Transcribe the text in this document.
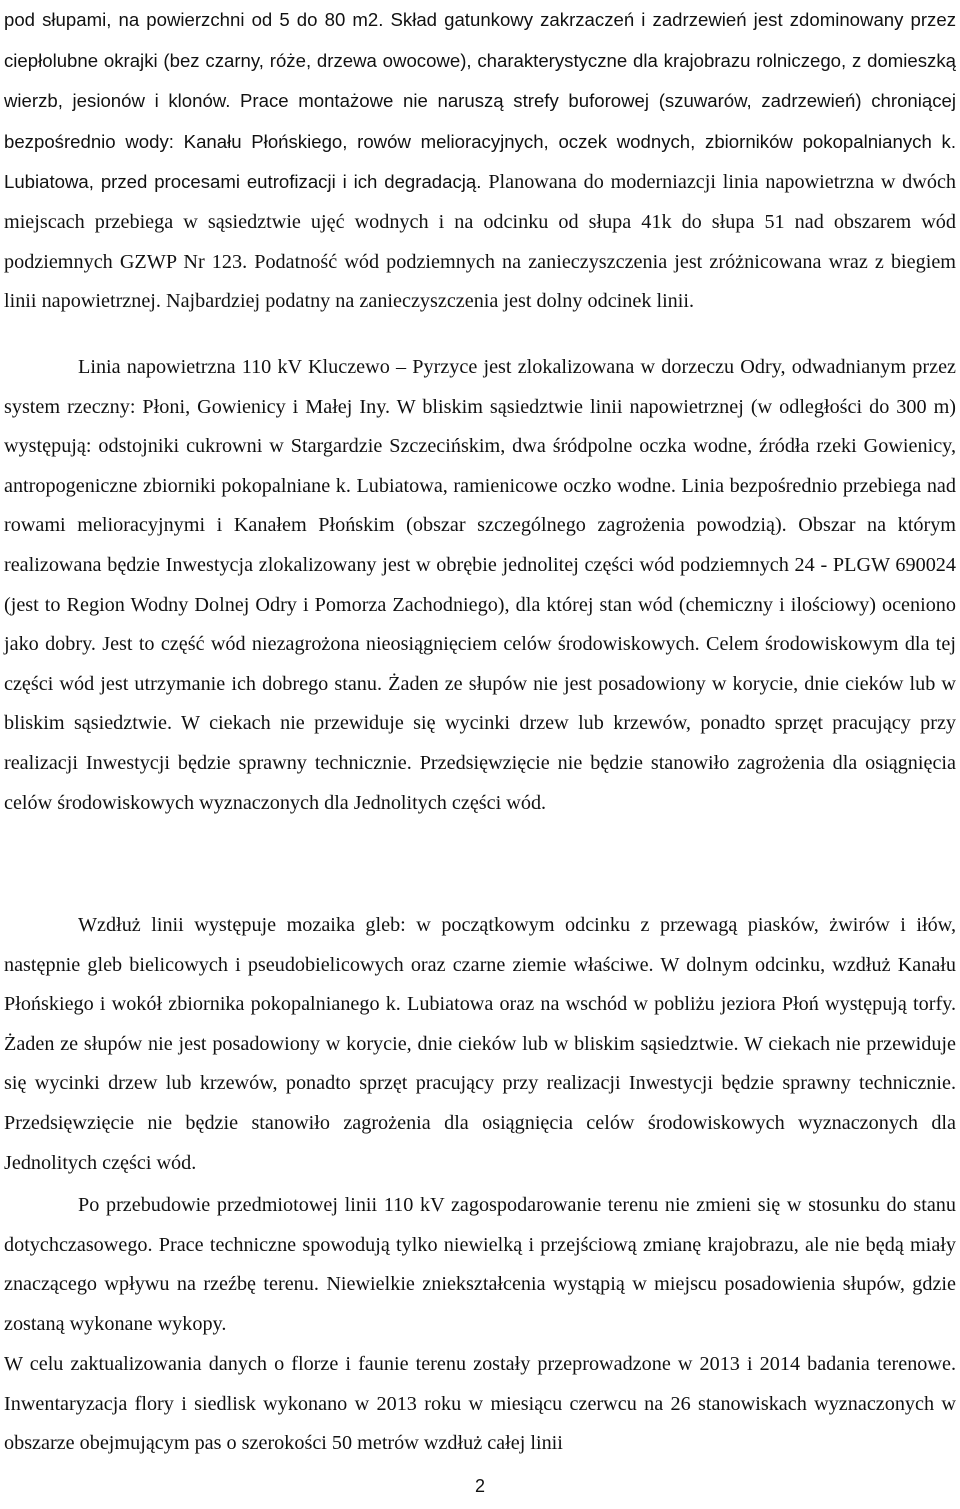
pod słupami, na powierzchni od 5 do 80 m2. Skład gatunkowy zakrzaczeń i zadrzewień jest zdominowany przez ciepłolubne okrajki (bez czarny, róże, drzewa owocowe), charakterystyczne dla krajobrazu rolniczego, z domieszką wierzb, jesionów i klonów. Prace montażowe nie naruszą strefy buforowej (szuwarów, zadrzewień) chroniącej bezpośrednio wody: Kanału Płońskiego, rowów melioracyjnych, oczek wodnych, zbiorników pokopalnianych k. Lubiatowa, przed procesami eutrofizacji i ich degradacją. Planowana do moderniazcji linia napowietrzna w dwóch miejscach przebiega w sąsiedztwie ujęć wodnych i na odcinku od słupa 41k do słupa 51 nad obszarem wód podziemnych GZWP Nr 123. Podatność wód podziemnych na zanieczyszczenia jest zróżnicowana wraz z biegiem linii napowietrznej. Najbardziej podatny na zanieczyszczenia jest dolny odcinek linii.

Linia napowietrzna 110 kV Kluczewo – Pyrzyce jest zlokalizowana w dorzeczu Odry, odwadnianym przez system rzeczny: Płoni, Gowienicy i Małej Iny. W bliskim sąsiedztwie linii napowietrznej (w odległości do 300 m) występują: odstojniki cukrowni w Stargardzie Szczecińskim, dwa śródpolne oczka wodne, źródła rzeki Gowienicy, antropogeniczne zbiorniki pokopalniane k. Lubiatowa, ramienicowe oczko wodne. Linia bezpośrednio przebiega nad rowami melioracyjnymi i Kanałem Płońskim (obszar szczególnego zagrożenia powodzią). Obszar na którym realizowana będzie Inwestycja zlokalizowany jest w obrębie jednolitej części wód podziemnych 24 - PLGW 690024 (jest to Region Wodny Dolnej Odry i Pomorza Zachodniego), dla której stan wód (chemiczny i ilościowy) oceniono jako dobry. Jest to część wód niezagrożona nieosiągnięciem celów środowiskowych. Celem środowiskowym dla tej części wód jest utrzymanie ich dobrego stanu. Żaden ze słupów nie jest posadowiony w korycie, dnie cieków lub w bliskim sąsiedztwie. W ciekach nie przewiduje się wycinki drzew lub krzewów, ponadto sprzęt pracujący przy realizacji Inwestycji będzie sprawny technicznie. Przedsięwzięcie nie będzie stanowiło zagrożenia dla osiągnięcia celów środowiskowych wyznaczonych dla Jednolitych części wód.

Wzdłuż linii występuje mozaika gleb: w początkowym odcinku z przewagą piasków, żwirów i iłów, następnie gleb bielicowych i pseudobielicowych oraz czarne ziemie właściwe. W dolnym odcinku, wzdłuż Kanału Płońskiego i wokół zbiornika pokopalnianego k. Lubiatowa oraz na wschód w pobliżu jeziora Płoń występują torfy. Żaden ze słupów nie jest posadowiony w korycie, dnie cieków lub w bliskim sąsiedztwie. W ciekach nie przewiduje się wycinki drzew lub krzewów, ponadto sprzęt pracujący przy realizacji Inwestycji będzie sprawny technicznie. Przedsięwzięcie nie będzie stanowiło zagrożenia dla osiągnięcia celów środowiskowych wyznaczonych dla Jednolitych części wód.

Po przebudowie przedmiotowej linii 110 kV zagospodarowanie terenu nie zmieni się w stosunku do stanu dotychczasowego. Prace techniczne spowodują tylko niewielką i przejściową zmianę krajobrazu, ale nie będą miały znaczącego wpływu na rzeźbę terenu. Niewielkie zniekształcenia wystąpią w miejscu posadowienia słupów, gdzie zostaną wykonane wykopy.

W celu zaktualizowania danych o florze i faunie terenu zostały przeprowadzone w 2013 i 2014 badania terenowe. Inwentaryzacja flory i siedlisk wykonano w 2013 roku w miesiącu czerwcu na 26 stanowiskach wyznaczonych w obszarze obejmującym pas o szerokości 50 metrów wzdłuż całej linii

2
